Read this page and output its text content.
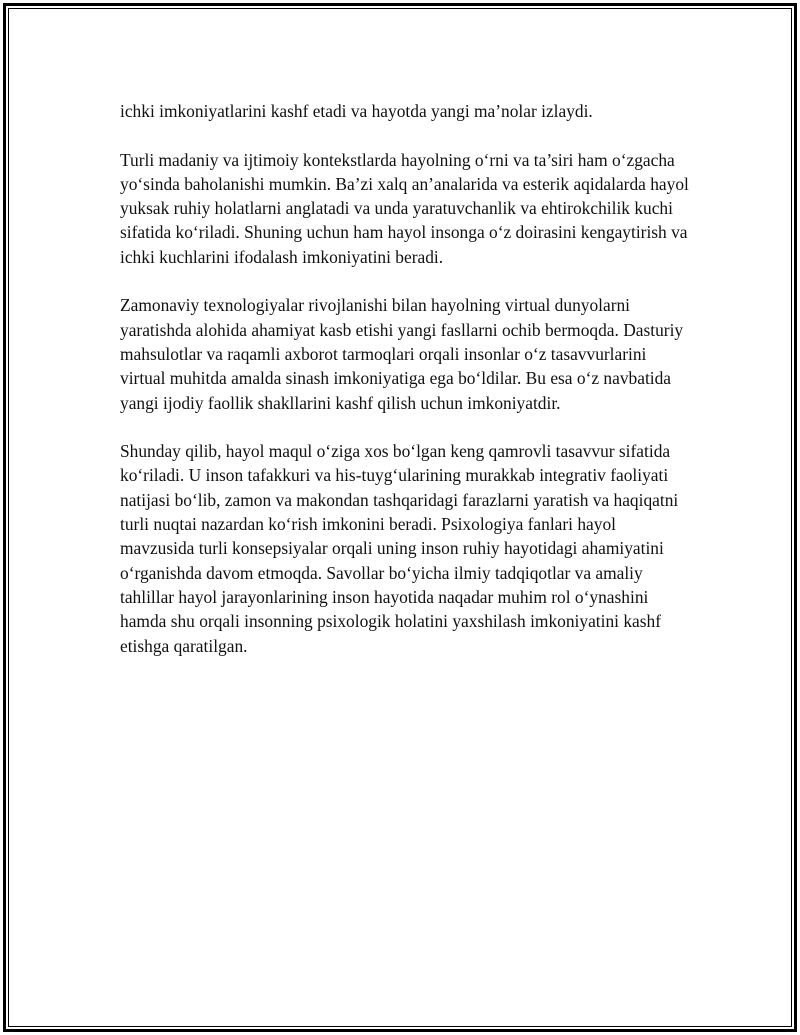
ichki imkoniyatlarini kashf etadi va hayotda yangi ma’nolar izlaydi.

Turli madaniy va ijtimoiy kontekstlarda hayolning o‘rni va ta’siri ham o‘zgacha yo‘sinda baholanishi mumkin. Ba’zi xalq an’analarida va esterik aqidalarda hayol yuksak ruhiy holatlarni anglatadi va unda yaratuvchanlik va ehtirokchilik kuchi sifatida ko‘riladi. Shuning uchun ham hayol insonga o‘z doirasini kengaytirish va ichki kuchlarini ifodalash imkoniyatini beradi.

Zamonaviy texnologiyalar rivojlanishi bilan hayolning virtual dunyolarni yaratishda alohida ahamiyat kasb etishi yangi fasllarni ochib bermoqda. Dasturiy mahsulotlar va raqamli axborot tarmoqlari orqali insonlar o‘z tasavvurlarini virtual muhitda amalda sinash imkoniyatiga ega bo‘ldilar. Bu esa o‘z navbatida yangi ijodiy faollik shakllarini kashf qilish uchun imkoniyatdir.

Shunday qilib, hayol maqul o‘ziga xos bo‘lgan keng qamrovli tasavvur sifatida ko‘riladi. U inson tafakkuri va his-tuyg‘ularining murakkab integrativ faoliyati natijasi bo‘lib, zamon va makondan tashqaridagi farazlarni yaratish va haqiqatni turli nuqtai nazardan ko‘rish imkonini beradi. Psixologiya fanlari hayol mavzusida turli konsepsiyalar orqali uning inson ruhiy hayotidagi ahamiyatini o‘rganishda davom etmoqda. Savollar bo‘yicha ilmiy tadqiqotlar va amaliy tahlillar hayol jarayonlarining inson hayotida naqadar muhim rol o‘ynashini hamda shu orqali insonning psixologik holatini yaxshilash imkoniyatini kashf etishga qaratilgan.
